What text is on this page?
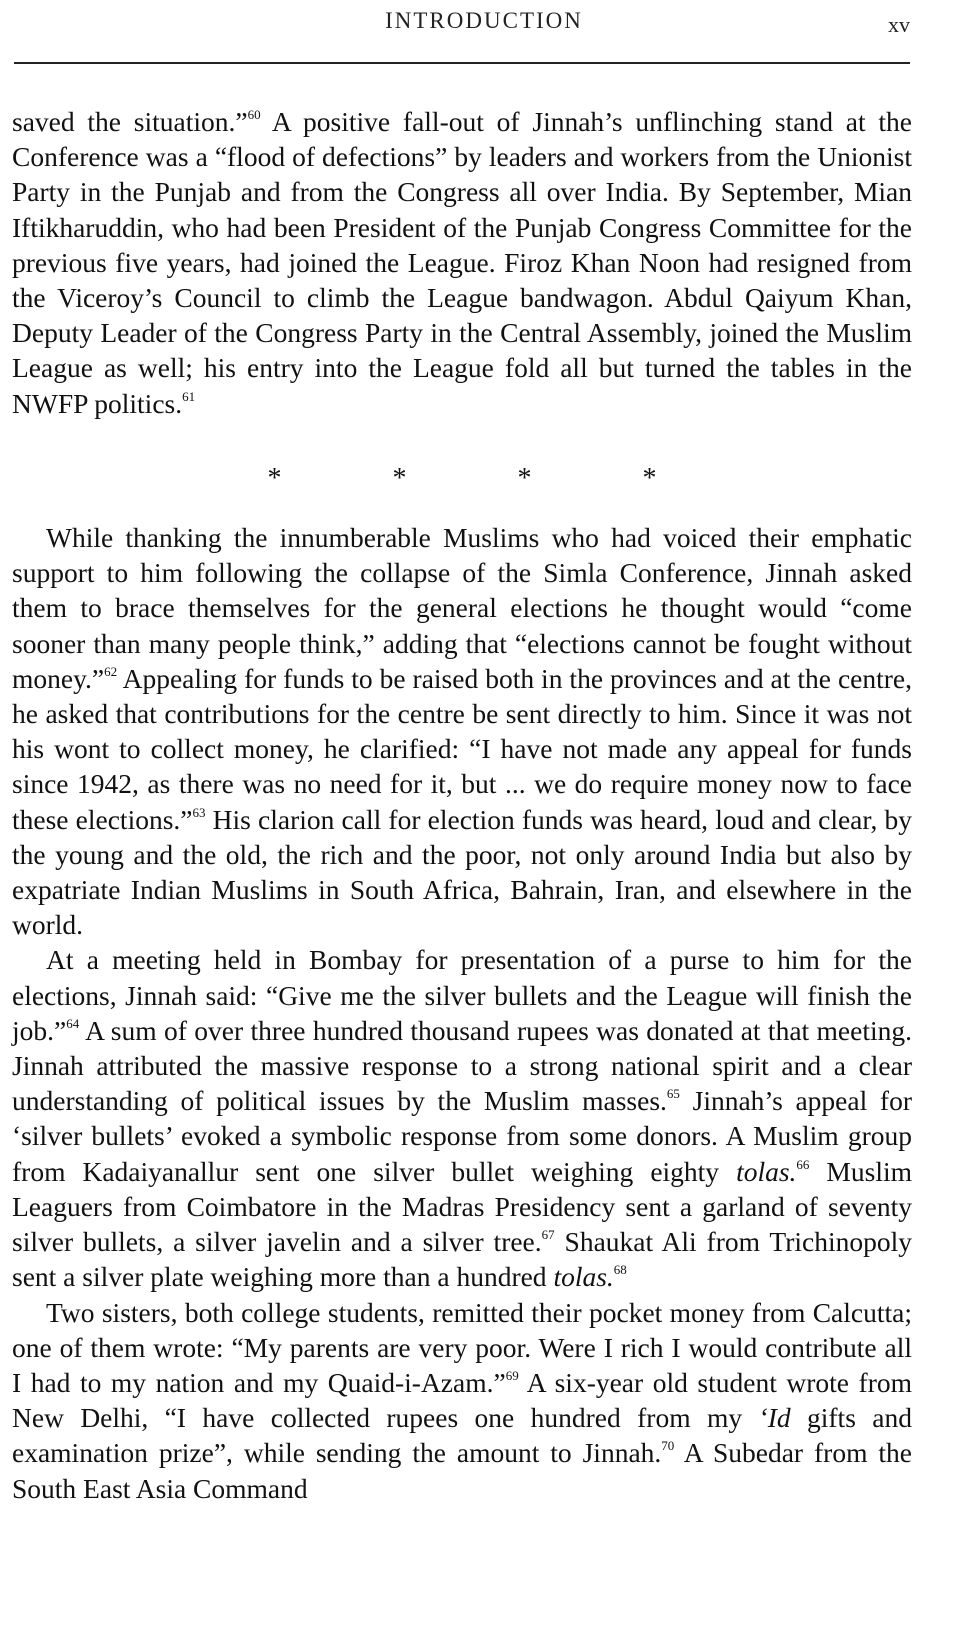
INTRODUCTION	xv

saved the situation.”$^{60}$ A positive fall-out of Jinnah’s unflinching stand at the Conference was a “flood of defections” by leaders and workers from the Unionist Party in the Punjab and from the Congress all over India. By September, Mian Iftikharuddin, who had been President of the Punjab Congress Committee for the previous five years, had joined the League. Firoz Khan Noon had resigned from the Viceroy’s Council to climb the League bandwagon. Abdul Qaiyum Khan, Deputy Leader of the Congress Party in the Central Assembly, joined the Muslim League as well; his entry into the League fold all but turned the tables in the NWFP politics.$^{61}$

* * * *

While thanking the innumberable Muslims who had voiced their emphatic support to him following the collapse of the Simla Conference, Jinnah asked them to brace themselves for the general elections he thought would “come sooner than many people think,” adding that “elections cannot be fought without money.”$^{62}$ Appealing for funds to be raised both in the provinces and at the centre, he asked that contributions for the centre be sent directly to him. Since it was not his wont to collect money, he clarified: “I have not made any appeal for funds since 1942, as there was no need for it, but ... we do require money now to face these elections.”$^{63}$ His clarion call for election funds was heard, loud and clear, by the young and the old, the rich and the poor, not only around India but also by expatriate Indian Muslims in South Africa, Bahrain, Iran, and elsewhere in the world.

At a meeting held in Bombay for presentation of a purse to him for the elections, Jinnah said: “Give me the silver bullets and the League will finish the job.”$^{64}$ A sum of over three hundred thousand rupees was donated at that meeting. Jinnah attributed the massive response to a strong national spirit and a clear understanding of political issues by the Muslim masses.$^{65}$ Jinnah’s appeal for ‘silver bullets’ evoked a symbolic response from some donors. A Muslim group from Kadaiyanallur sent one silver bullet weighing eighty tolas.$^{66}$ Muslim Leaguers from Coimbatore in the Madras Presidency sent a garland of seventy silver bullets, a silver javelin and a silver tree.$^{67}$ Shaukat Ali from Trichinopoly sent a silver plate weighing more than a hundred tolas.$^{68}$

Two sisters, both college students, remitted their pocket money from Calcutta; one of them wrote: “My parents are very poor. Were I rich I would contribute all I had to my nation and my Quaid-i-Azam.”$^{69}$ A six-year old student wrote from New Delhi, “I have collected rupees one hundred from my ‘Id gifts and examination prize”, while sending the amount to Jinnah.$^{70}$ A Subedar from the South East Asia Command
